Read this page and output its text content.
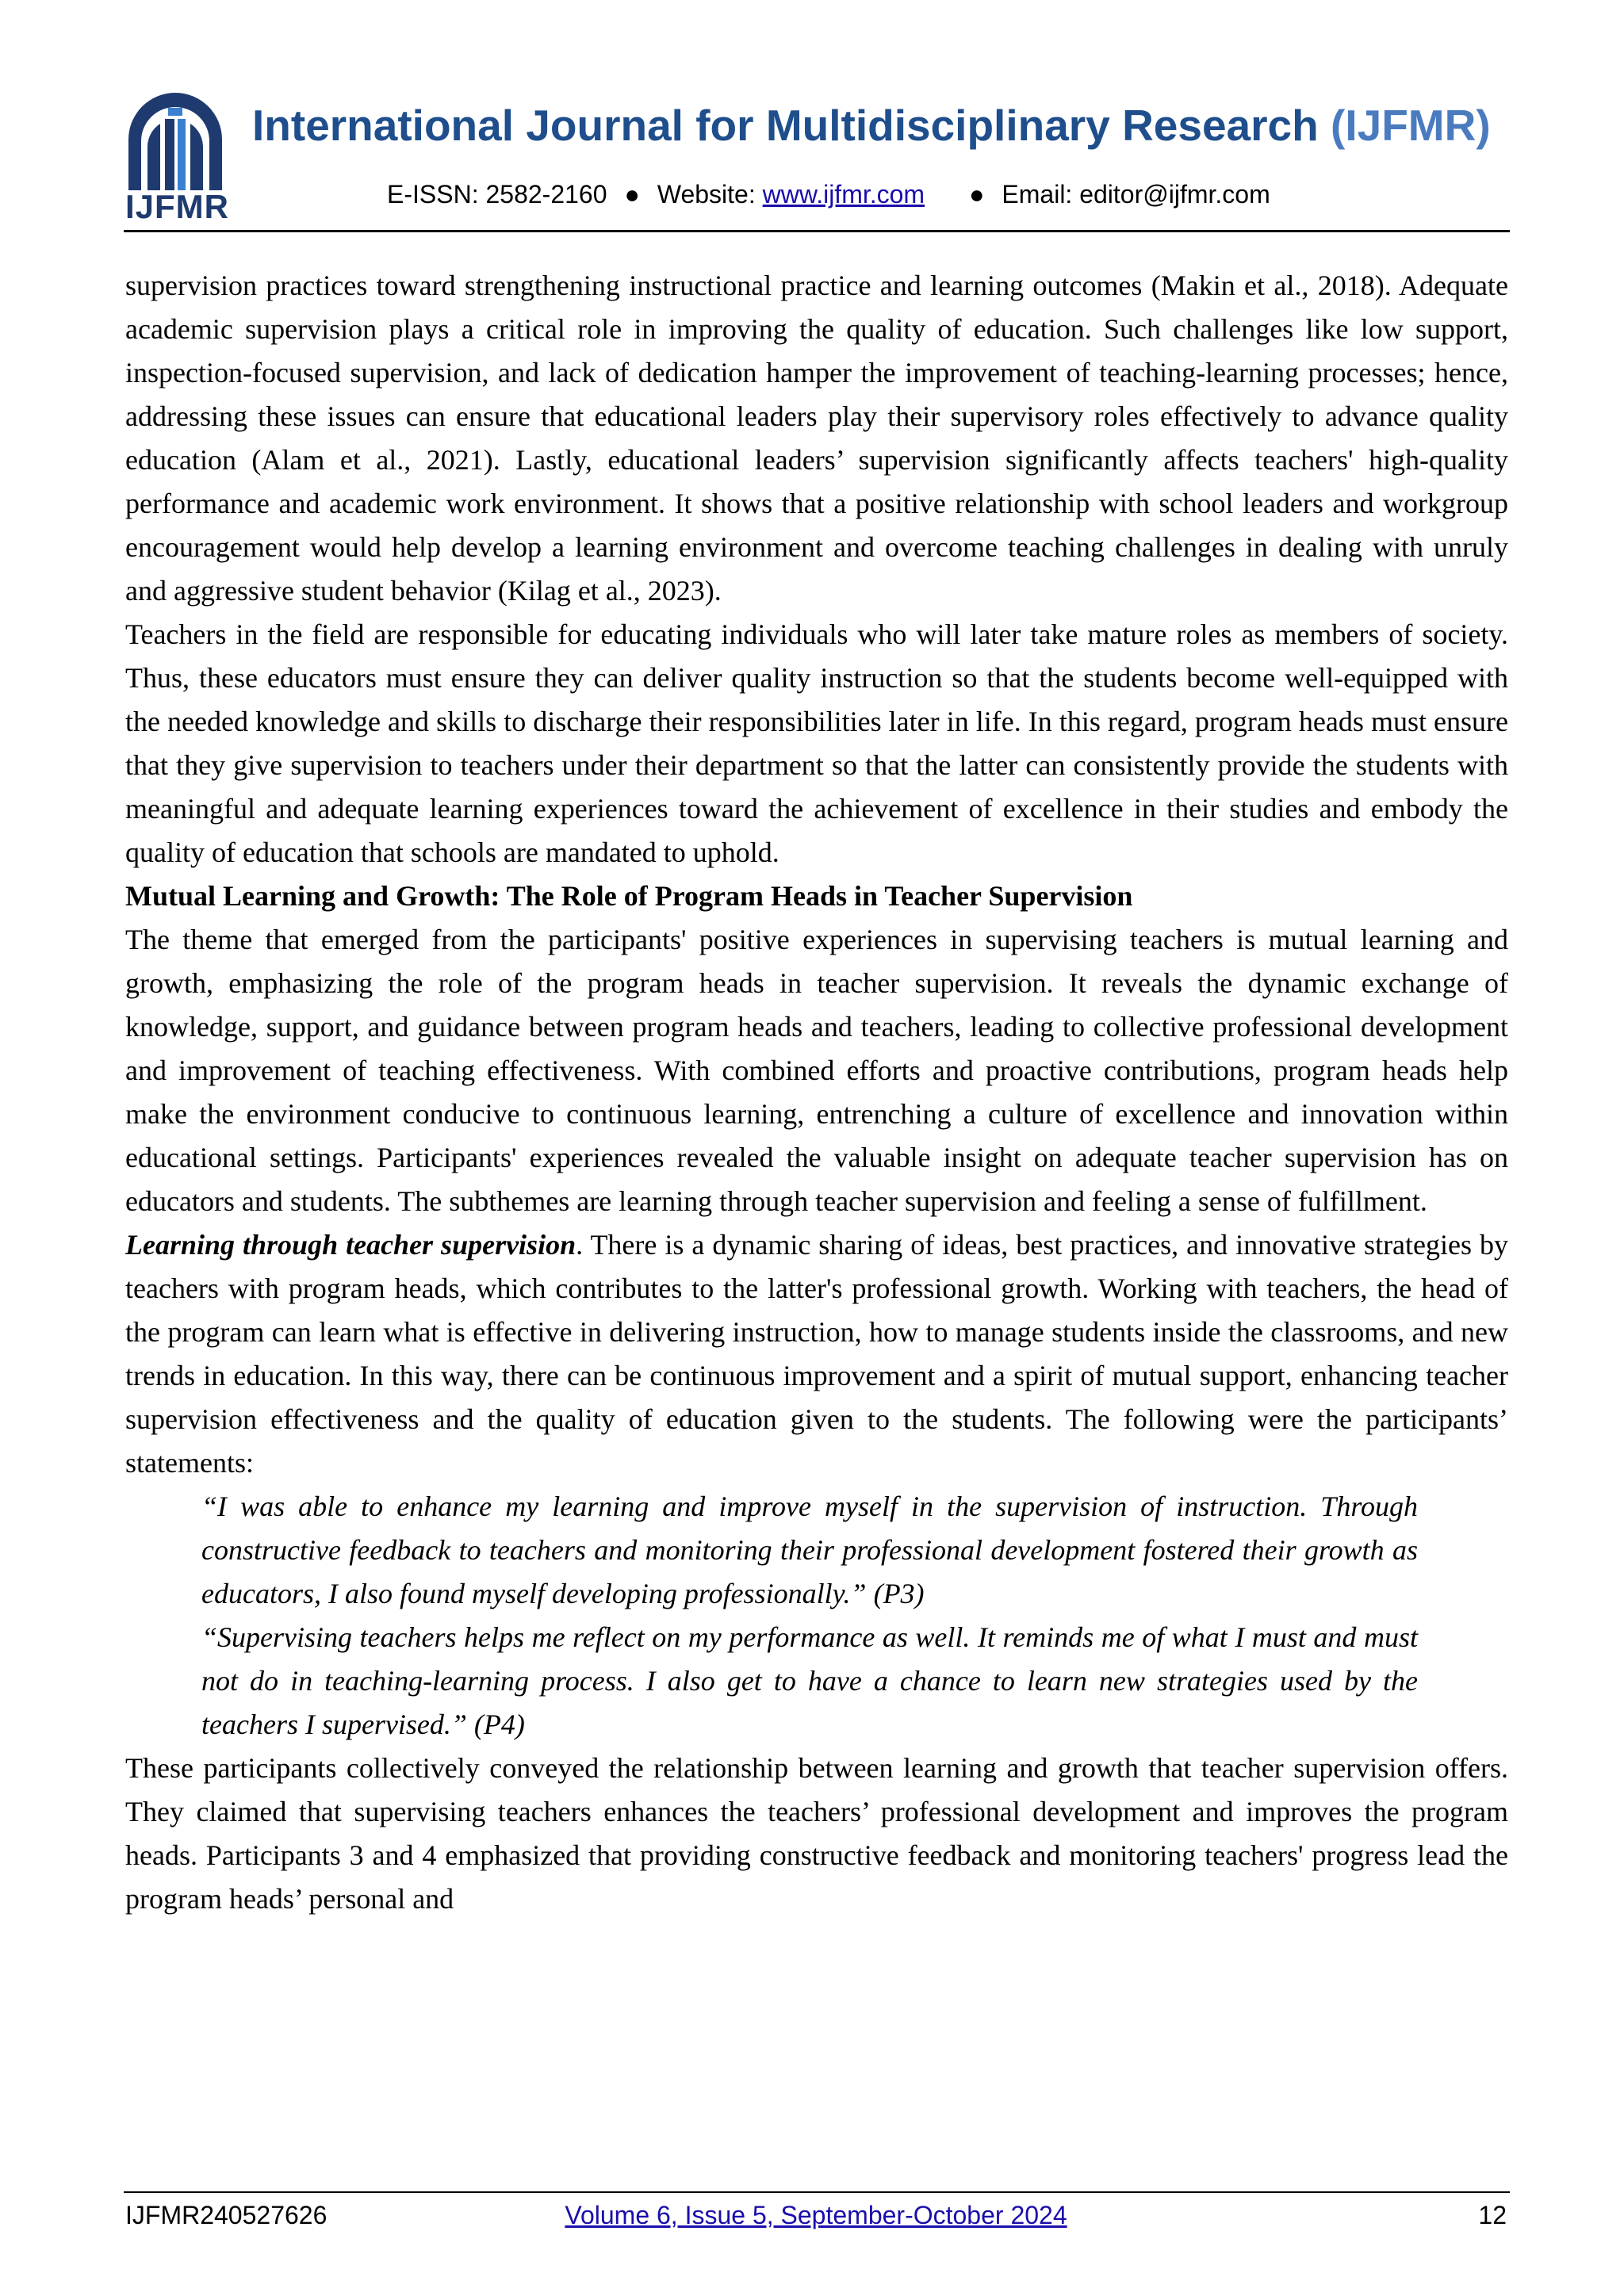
IJFMR
International Journal for Multidisciplinary Research (IJFMR)
E-ISSN: 2582-2160 ● Website: www.ijfmr.com ● Email: editor@ijfmr.com

supervision practices toward strengthening instructional practice and learning outcomes (Makin et al., 2018). Adequate academic supervision plays a critical role in improving the quality of education. Such challenges like low support, inspection-focused supervision, and lack of dedication hamper the improvement of teaching-learning processes; hence, addressing these issues can ensure that educational leaders play their supervisory roles effectively to advance quality education (Alam et al., 2021). Lastly, educational leaders’ supervision significantly affects teachers' high-quality performance and academic work environment. It shows that a positive relationship with school leaders and workgroup encouragement would help develop a learning environment and overcome teaching challenges in dealing with unruly and aggressive student behavior (Kilag et al., 2023).

Teachers in the field are responsible for educating individuals who will later take mature roles as members of society. Thus, these educators must ensure they can deliver quality instruction so that the students become well-equipped with the needed knowledge and skills to discharge their responsibilities later in life. In this regard, program heads must ensure that they give supervision to teachers under their department so that the latter can consistently provide the students with meaningful and adequate learning experiences toward the achievement of excellence in their studies and embody the quality of education that schools are mandated to uphold.

Mutual Learning and Growth: The Role of Program Heads in Teacher Supervision

The theme that emerged from the participants' positive experiences in supervising teachers is mutual learning and growth, emphasizing the role of the program heads in teacher supervision. It reveals the dynamic exchange of knowledge, support, and guidance between program heads and teachers, leading to collective professional development and improvement of teaching effectiveness. With combined efforts and proactive contributions, program heads help make the environment conducive to continuous learning, entrenching a culture of excellence and innovation within educational settings. Participants' experiences revealed the valuable insight on adequate teacher supervision has on educators and students. The subthemes are learning through teacher supervision and feeling a sense of fulfillment.

Learning through teacher supervision. There is a dynamic sharing of ideas, best practices, and innovative strategies by teachers with program heads, which contributes to the latter's professional growth. Working with teachers, the head of the program can learn what is effective in delivering instruction, how to manage students inside the classrooms, and new trends in education. In this way, there can be continuous improvement and a spirit of mutual support, enhancing teacher supervision effectiveness and the quality of education given to the students. The following were the participants’ statements:

“I was able to enhance my learning and improve myself in the supervision of instruction. Through constructive feedback to teachers and monitoring their professional development fostered their growth as educators, I also found myself developing professionally.” (P3)

“Supervising teachers helps me reflect on my performance as well. It reminds me of what I must and must not do in teaching-learning process. I also get to have a chance to learn new strategies used by the teachers I supervised.” (P4)

These participants collectively conveyed the relationship between learning and growth that teacher supervision offers. They claimed that supervising teachers enhances the teachers’ professional development and improves the program heads. Participants 3 and 4 emphasized that providing constructive feedback and monitoring teachers' progress lead the program heads’ personal and

IJFMR240527626	Volume 6, Issue 5, September-October 2024	12
